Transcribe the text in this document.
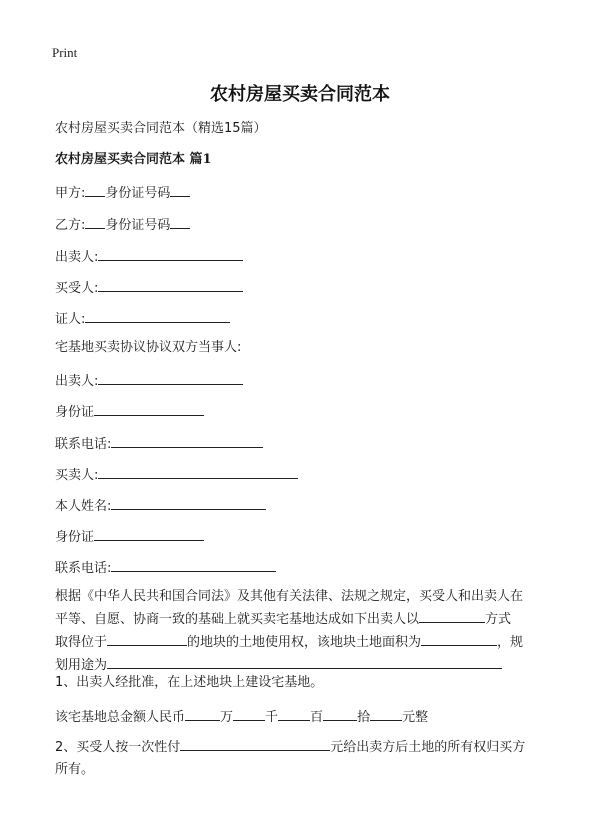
Print
农村房屋买卖合同范本
农村房屋买卖合同范本（精选15篇）
农村房屋买卖合同范本 篇1
甲方: 身份证号码
乙方: 身份证号码
出卖人:
买受人:
证人:
宅基地买卖协议协议双方当事人:
出卖人:
身份证
联系电话:
买卖人:
本人姓名:
身份证
联系电话:
根据《中华人民共和国合同法》及其他有关法律、法规之规定，买受人和出卖人在
平等、自愿、协商一致的基础上就买卖宅基地达成如下出卖人以	方式
取得位于	的地块的土地使用权，该地块土地面积为	，规
划用途为
1、出卖人经批准，在上述地块上建设宅基地。
该宅基地总金额人民币	万 千 百	拾 元整
2、买受人按一次性付	元给出卖方后土地的所有权归买方
所有。
